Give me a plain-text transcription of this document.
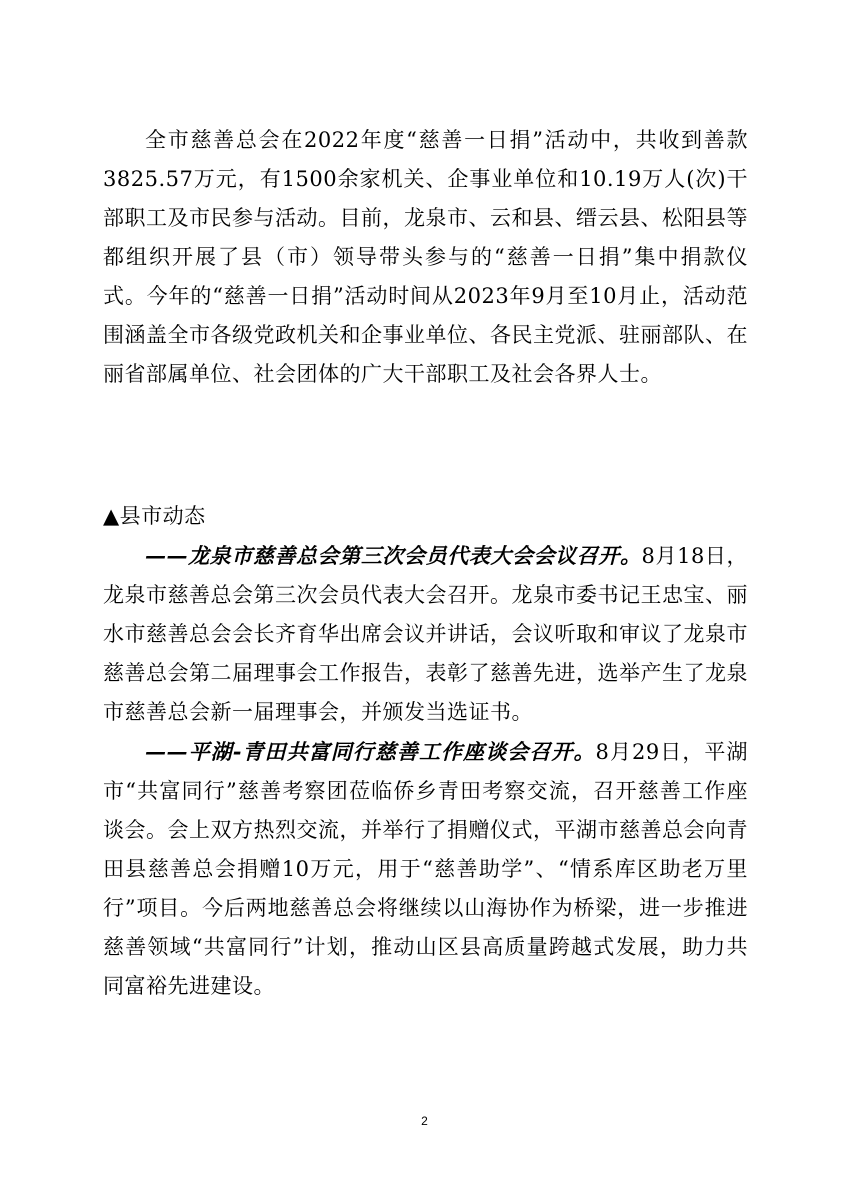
全市慈善总会在2022年度“慈善一日捐”活动中，共收到善款3825.57万元，有1500余家机关、企事业单位和10.19万人(次)干部职工及市民参与活动。目前，龙泉市、云和县、缙云县、松阳县等都组织开展了县（市）领导带头参与的“慈善一日捐”集中捐款仪式。今年的“慈善一日捐”活动时间从2023年9月至10月止，活动范围涵盖全市各级党政机关和企事业单位、各民主党派、驻丽部队、在丽省部属单位、社会团体的广大干部职工及社会各界人士。

▲县市动态

——龙泉市慈善总会第三次会员代表大会会议召开。8月18日，龙泉市慈善总会第三次会员代表大会召开。龙泉市委书记王忠宝、丽水市慈善总会会长齐育华出席会议并讲话，会议听取和审议了龙泉市慈善总会第二届理事会工作报告，表彰了慈善先进，选举产生了龙泉市慈善总会新一届理事会，并颁发当选证书。

——平湖-青田共富同行慈善工作座谈会召开。8月29日，平湖市“共富同行”慈善考察团莅临侨乡青田考察交流，召开慈善工作座谈会。会上双方热烈交流，并举行了捐赠仪式，平湖市慈善总会向青田县慈善总会捐赠10万元，用于“慈善助学”、“情系库区助老万里行”项目。今后两地慈善总会将继续以山海协作为桥梁，进一步推进慈善领域“共富同行”计划，推动山区县高质量跨越式发展，助力共同富裕先进建设。

2
